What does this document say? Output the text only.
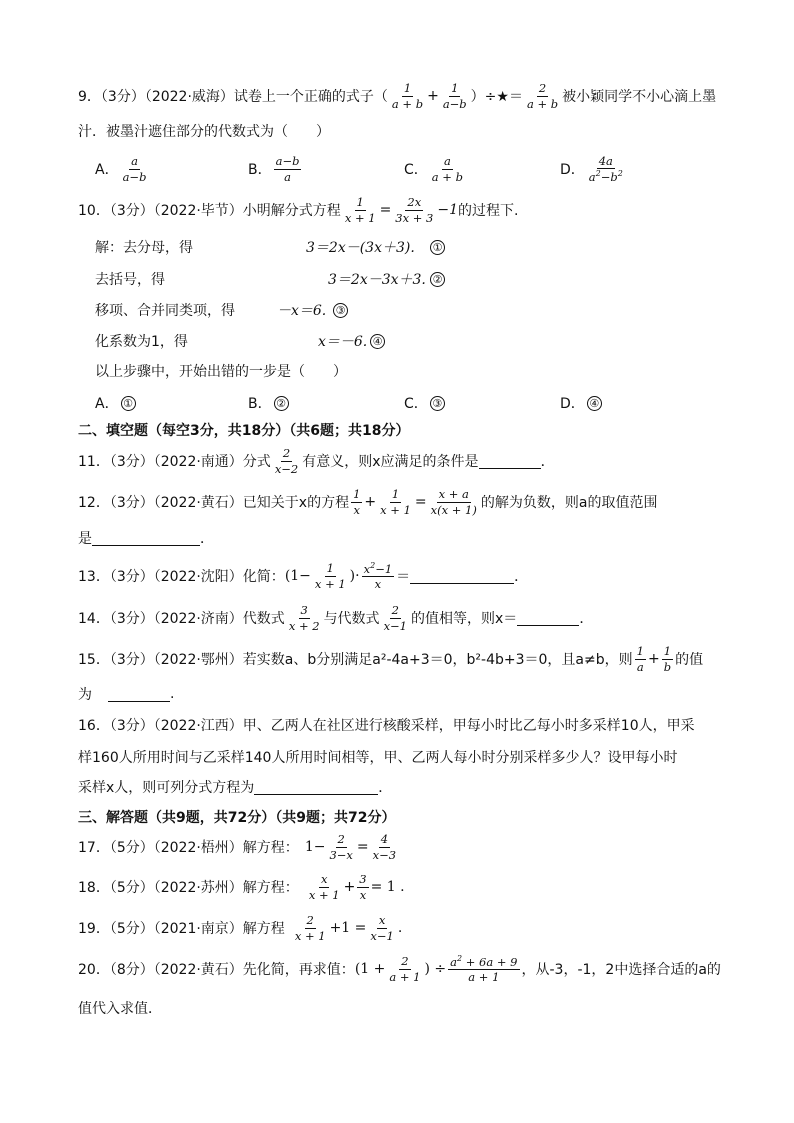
9．（3分）（2022·威海）试卷上一个正确的式子（
1
$a + b + \frac{1}{a-b}$ ）÷★＝
2
a + b 被小颖同学不小心滴上墨
汁．被墨汁遮住部分的代数式为（　　）
A．
a
a−b	B．
a−b
a	C．
a
a + b	D．
4a
$a^2-b^2$
10．（3分）（2022·毕节）小明解分式方程 $\frac{1}{x + 1} = \frac{2x}{3x + 3} -1$ 的过程下.
解：去分母，得	3＝2x－(3x＋3). ①
去括号，得	3＝2x－3x＋3. ②
移项、合并同类项，得	－x＝6. ③
化系数为1，得	x＝－6. ④
以上步骤中，开始出错的一步是（　　）
A． ①	B． ②	C． ③	D． ④
二、填空题（每空3分，共18分）（共6题；共18分）
11．（3分）（2022·南通）分式
2
x−2 有意义，则x应满足的条件是	．
12．（3分）（2022·黄石）已知关于x的方程
1
$x + \frac{1}{x + 1} = \frac{x + a}{x(x + 1)}$ 的解为负数，则a的取值范围
是	．
13．（3分）（2022·沈阳）化简： ($1- \frac{1}{x + 1}$ )· $x^2-1$
x ＝	．
14．（3分）（2022·济南）代数式
3
x + 2 与代数式
2
x−1 的值相等，则x＝	．
15．（3分）（2022·鄂州）若实数a、b分别满足a²-4a+3＝0，b²-4b+3＝0，且a≠b，则
1
$a + \frac{1}{b}$ 的值
为	.
16．（3分）（2022·江西）甲、乙两人在社区进行核酸采样，甲每小时比乙每小时多采样10人，甲采
样160人所用时间与乙采样140人所用时间相等，甲、乙两人每小时分别采样多少人？设甲每小时
采样x人，则可列分式方程为	．
三、解答题（共9题，共72分）（共9题；共72分）
17．（5分）（2022·梧州）解方程： $1- \frac{2}{3-x} = \frac{4}{x-3}$
18．（5分）（2022·苏州）解方程：
x
$x + 1 + \frac{3}{x} = 1$ .
19．（5分）（2021·南京）解方程
2
$x + 1 +1 = \frac{x}{x-1}$ .
20．（8分）（2022·黄石）先化简，再求值： ($1 + \frac{2}{a + 1}$ ) ÷ $\frac{a^2 + 6a + 9}{a + 1}$ ，从-3，-1，2中选择合适的a的
值代入求值．
